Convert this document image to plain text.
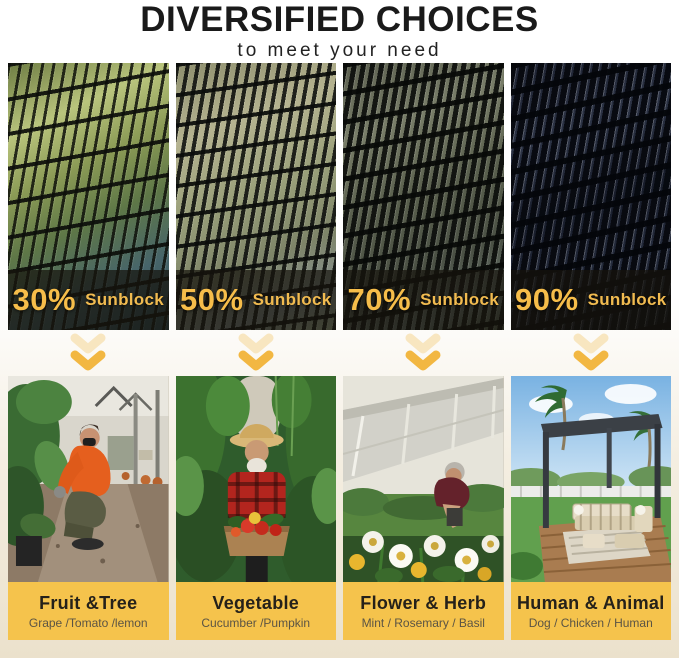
DIVERSIFIED CHOICES
to meet your need
30% Sunblock 50% Sunblock 70% Sunblock 90% Sunblock
Fruit &Tree
Grape /Tomato /lemon
Vegetable
Cucumber /Pumpkin
Flower & Herb
Mint / Rosemary / Basil
Human & Animal
Dog / Chicken / Human
